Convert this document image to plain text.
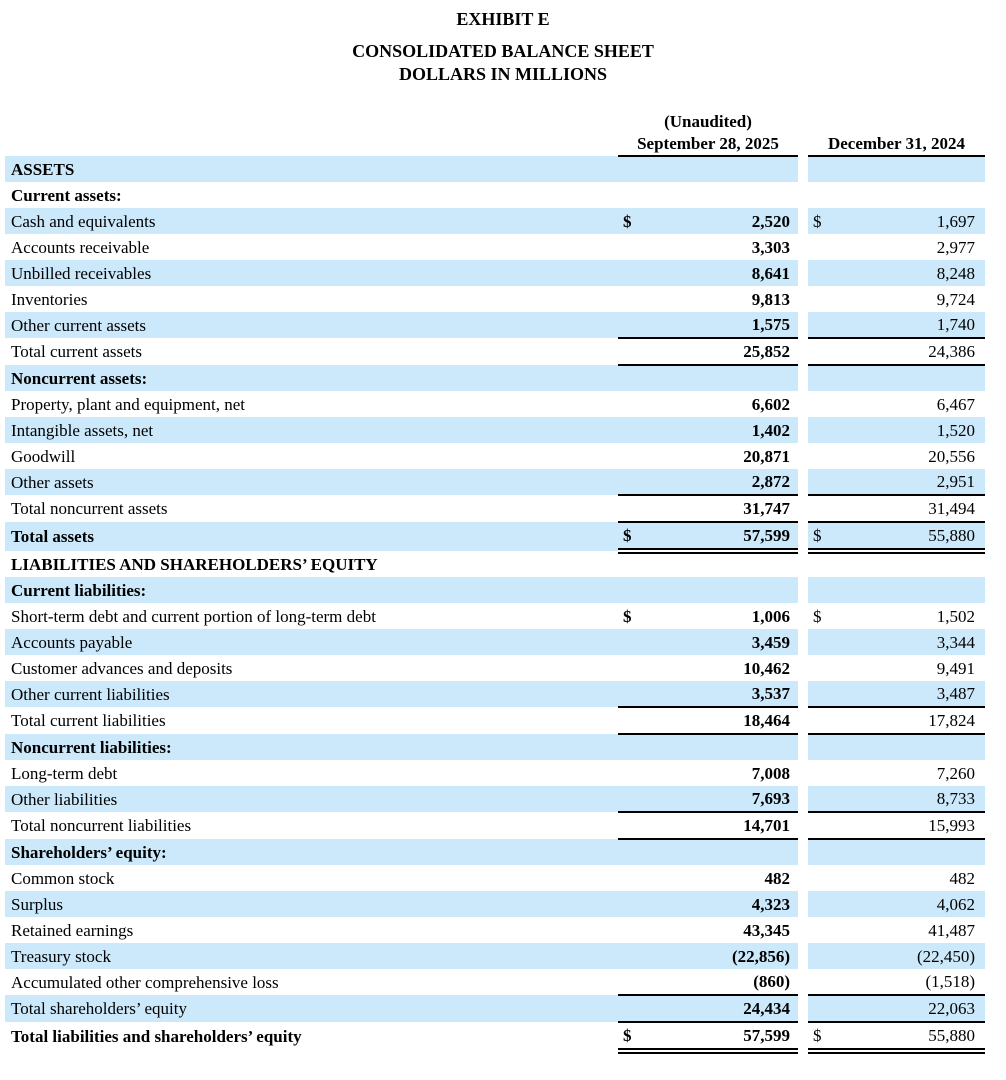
EXHIBIT E
CONSOLIDATED BALANCE SHEET
DOLLARS IN MILLIONS
	(Unaudited)				
	September 28, 2025			December 31, 2024	
ASSETS					
Current assets:					
Cash and equivalents	$	2,520		$	1,697
Accounts receivable		3,303			2,977
Unbilled receivables		8,641			8,248
Inventories		9,813			9,724
Other current assets		1,575			1,740
Total current assets		25,852			24,386
Noncurrent assets:					
Property, plant and equipment, net		6,602			6,467
Intangible assets, net		1,402			1,520
Goodwill		20,871			20,556
Other assets		2,872			2,951
Total noncurrent assets		31,747			31,494
Total assets	$	57,599		$	55,880
LIABILITIES AND SHAREHOLDERS’ EQUITY					
Current liabilities:					
Short-term debt and current portion of long-term debt	$	1,006		$	1,502
Accounts payable		3,459			3,344
Customer advances and deposits		10,462			9,491
Other current liabilities		3,537			3,487
Total current liabilities		18,464			17,824
Noncurrent liabilities:					
Long-term debt		7,008			7,260
Other liabilities		7,693			8,733
Total noncurrent liabilities		14,701			15,993
Shareholders’ equity:					
Common stock		482			482
Surplus		4,323			4,062
Retained earnings		43,345			41,487
Treasury stock		(22,856)			(22,450)
Accumulated other comprehensive loss		(860)			(1,518)
Total shareholders’ equity		24,434			22,063
Total liabilities and shareholders’ equity	$	57,599		$	55,880
